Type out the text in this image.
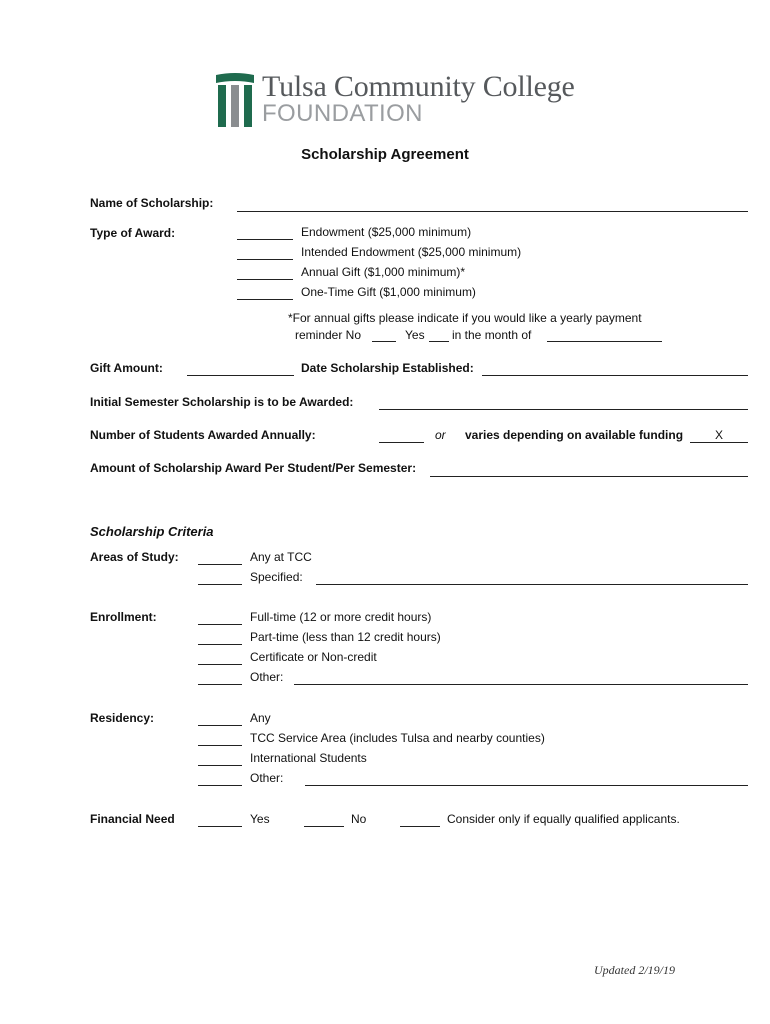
Tulsa Community College
FOUNDATION
Scholarship Agreement
Name of Scholarship:
Type of Award:	Endowment ($25,000 minimum)
Intended Endowment ($25,000 minimum)
Annual Gift ($1,000 minimum)*
One-Time Gift ($1,000 minimum)
*For annual gifts please indicate if you would like a yearly payment
reminder No	Yes in the month of
Gift Amount:	Date Scholarship Established:
Initial Semester Scholarship is to be Awarded:
Number of Students Awarded Annually:	or varies depending on available funding	X
Amount of Scholarship Award Per Student/Per Semester:
Scholarship Criteria
Areas of Study:	Any at TCC
Specified:
Enrollment:	Full-time (12 or more credit hours)
Part-time (less than 12 credit hours)
Certificate or Non-credit
Other:
Residency:	Any
TCC Service Area (includes Tulsa and nearby counties)
International Students
Other:
Financial Need	Yes	No	Consider only if equally qualified applicants.
Updated 2/19/19
